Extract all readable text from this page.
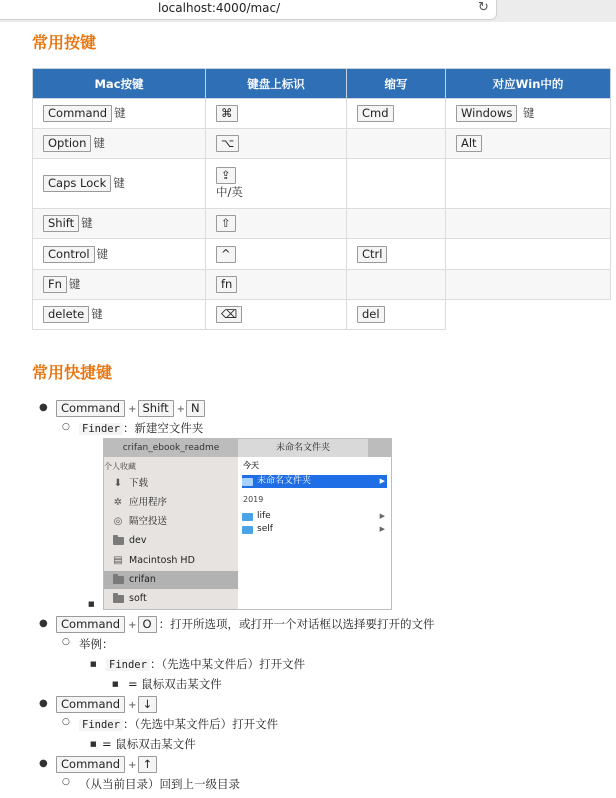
localhost:4000/mac/	↻
常用按键
Mac按键	键盘上标识	缩写	对应Win中的
Command 键	⌘	Cmd	Windows 键
Option 键	⌥		Alt
Caps Lock 键	⇪
中/英		
Shift 键	⇧		
Control 键	^	Ctrl	
Fn 键	fn		
delete 键	⌫	del	
常用快捷键
●	Command + Shift + N
○ Finder ：新建空文件夹
■
crifan_ebook_readme	未命名文件夹
个人收藏
⬇ 下载
✲ 应用程序
◎ 隔空投送
dev
▤ Macintosh HD
crifan
soft
今天
未命名文件夹	▶
2019
life	▶
self	▶
●	Command + O ：打开所选项，或打开一个对话框以选择要打开的文件
○ 举例：
■ Finder ：（先选中某文件后）打开文件
■ = 鼠标双击某文件
●	Command + ↓
○ Finder ：（先选中某文件后）打开文件
■ = 鼠标双击某文件
●	Command + ↑
○ （从当前目录）回到上一级目录
